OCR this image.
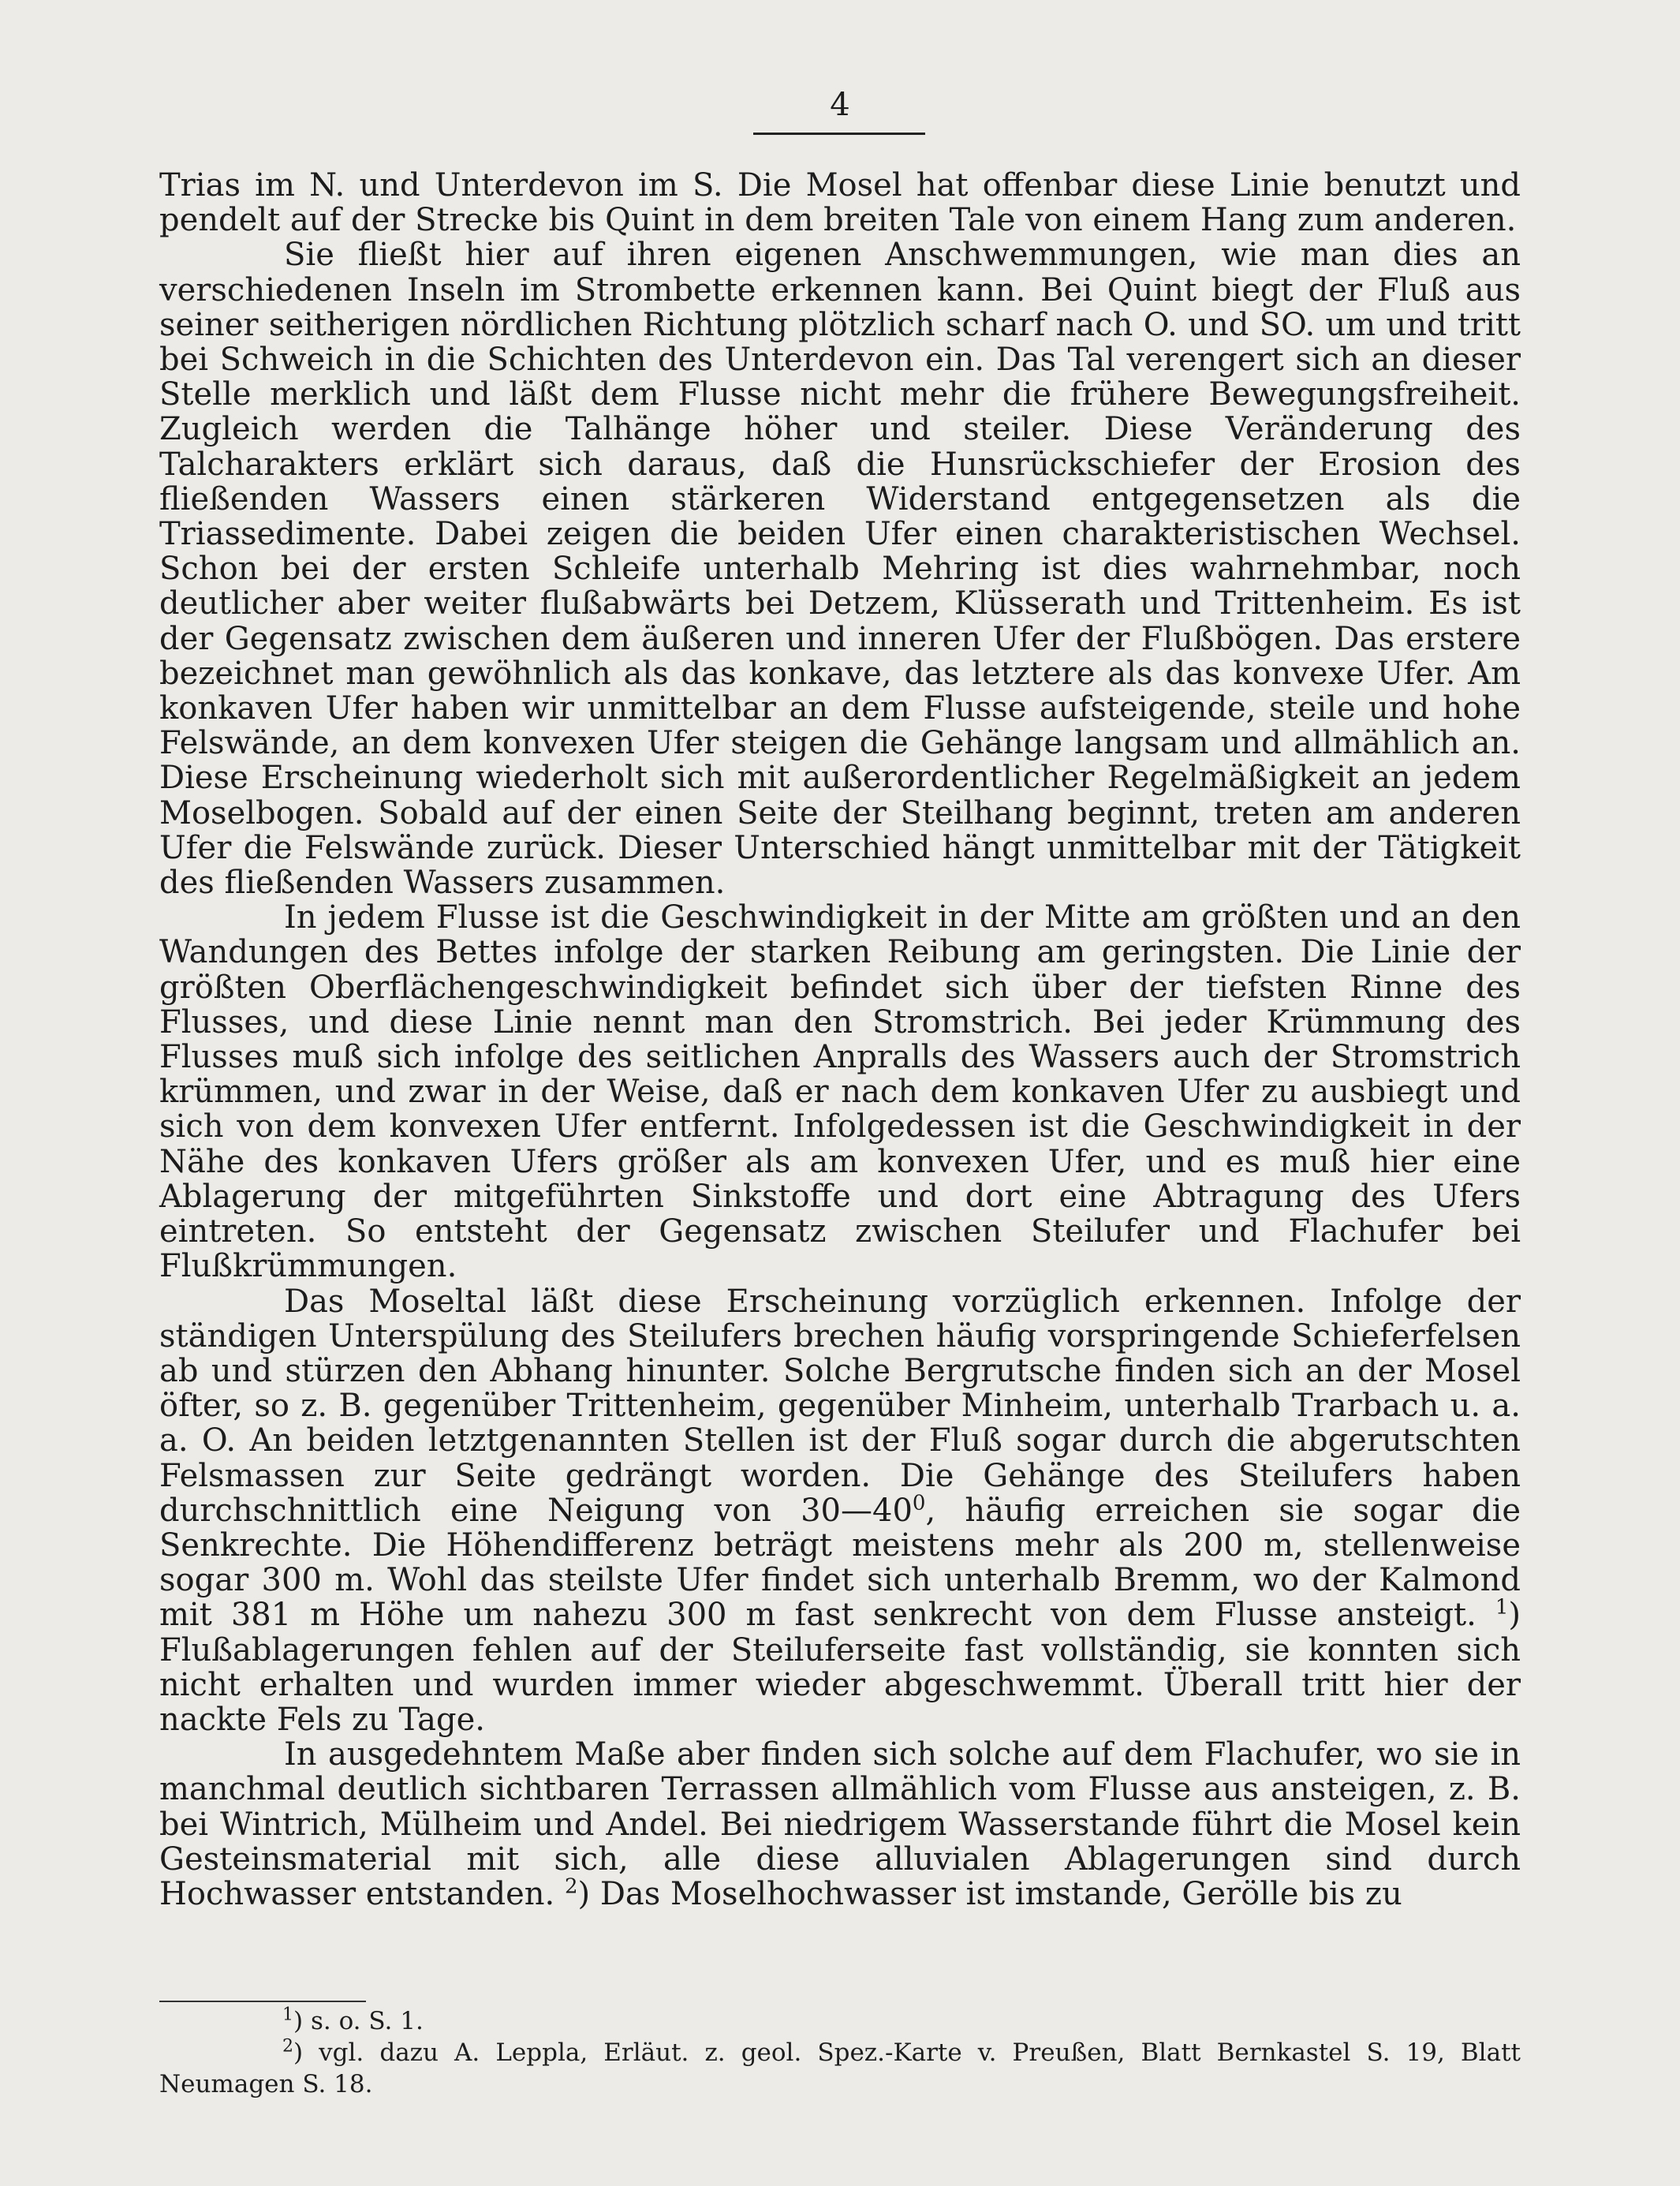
4

Trias im N. und Unterdevon im S. Die Mosel hat offenbar diese Linie benutzt und pendelt auf der Strecke bis Quint in dem breiten Tale von einem Hang zum anderen.

Sie fließt hier auf ihren eigenen Anschwemmungen, wie man dies an verschiedenen Inseln im Strombette erkennen kann. Bei Quint biegt der Fluß aus seiner seitherigen nördlichen Richtung plötzlich scharf nach O. und SO. um und tritt bei Schweich in die Schichten des Unterdevon ein. Das Tal verengert sich an dieser Stelle merklich und läßt dem Flusse nicht mehr die frühere Bewegungsfreiheit. Zugleich werden die Talhänge höher und steiler. Diese Veränderung des Talcharakters erklärt sich daraus, daß die Hunsrückschiefer der Erosion des fließenden Wassers einen stärkeren Widerstand entgegensetzen als die Triassedimente. Dabei zeigen die beiden Ufer einen charakteristischen Wechsel. Schon bei der ersten Schleife unterhalb Mehring ist dies wahrnehmbar, noch deutlicher aber weiter flußabwärts bei Detzem, Klüsserath und Trittenheim. Es ist der Gegensatz zwischen dem äußeren und inneren Ufer der Flußbögen. Das erstere bezeichnet man gewöhnlich als das konkave, das letztere als das konvexe Ufer. Am konkaven Ufer haben wir unmittelbar an dem Flusse aufsteigende, steile und hohe Felswände, an dem konvexen Ufer steigen die Gehänge langsam und allmählich an. Diese Erscheinung wiederholt sich mit außerordentlicher Regelmäßigkeit an jedem Moselbogen. Sobald auf der einen Seite der Steilhang beginnt, treten am anderen Ufer die Felswände zurück. Dieser Unterschied hängt unmittelbar mit der Tätigkeit des fließenden Wassers zusammen.

In jedem Flusse ist die Geschwindigkeit in der Mitte am größten und an den Wandungen des Bettes infolge der starken Reibung am geringsten. Die Linie der größten Oberflächengeschwindigkeit befindet sich über der tiefsten Rinne des Flusses, und diese Linie nennt man den Stromstrich. Bei jeder Krümmung des Flusses muß sich infolge des seitlichen Anpralls des Wassers auch der Stromstrich krümmen, und zwar in der Weise, daß er nach dem konkaven Ufer zu ausbiegt und sich von dem konvexen Ufer entfernt. Infolgedessen ist die Geschwindigkeit in der Nähe des konkaven Ufers größer als am konvexen Ufer, und es muß hier eine Ablagerung der mitgeführten Sinkstoffe und dort eine Abtragung des Ufers eintreten. So entsteht der Gegensatz zwischen Steilufer und Flachufer bei Flußkrümmungen.

Das Moseltal läßt diese Erscheinung vorzüglich erkennen. Infolge der ständigen Unterspülung des Steilufers brechen häufig vorspringende Schieferfelsen ab und stürzen den Abhang hinunter. Solche Bergrutsche finden sich an der Mosel öfter, so z. B. gegenüber Trittenheim, gegenüber Minheim, unterhalb Trarbach u. a. a. O. An beiden letztgenannten Stellen ist der Fluß sogar durch die abgerutschten Felsmassen zur Seite gedrängt worden. Die Gehänge des Steilufers haben durchschnittlich eine Neigung von $30—40^0$, häufig erreichen sie sogar die Senkrechte. Die Höhendifferenz beträgt meistens mehr als 200 m, stellenweise sogar 300 m. Wohl das steilste Ufer findet sich unterhalb Bremm, wo der Kalmond mit 381 m Höhe um nahezu 300 m fast senkrecht von dem Flusse ansteigt. $^1$) Flußablagerungen fehlen auf der Steiluferseite fast vollständig, sie konnten sich nicht erhalten und wurden immer wieder abgeschwemmt. Überall tritt hier der nackte Fels zu Tage.

In ausgedehntem Maße aber finden sich solche auf dem Flachufer, wo sie in manchmal deutlich sichtbaren Terrassen allmählich vom Flusse aus ansteigen, z. B. bei Wintrich, Mülheim und Andel. Bei niedrigem Wasserstande führt die Mosel kein Gesteinsmaterial mit sich, alle diese alluvialen Ablagerungen sind durch Hochwasser entstanden. $^2$) Das Moselhochwasser ist imstande, Gerölle bis zu

$^1$) s. o. S. 1.

$^2$) vgl. dazu A. Leppla, Erläut. z. geol. Spez.-Karte v. Preußen, Blatt Bernkastel S. 19, Blatt Neumagen S. 18.
